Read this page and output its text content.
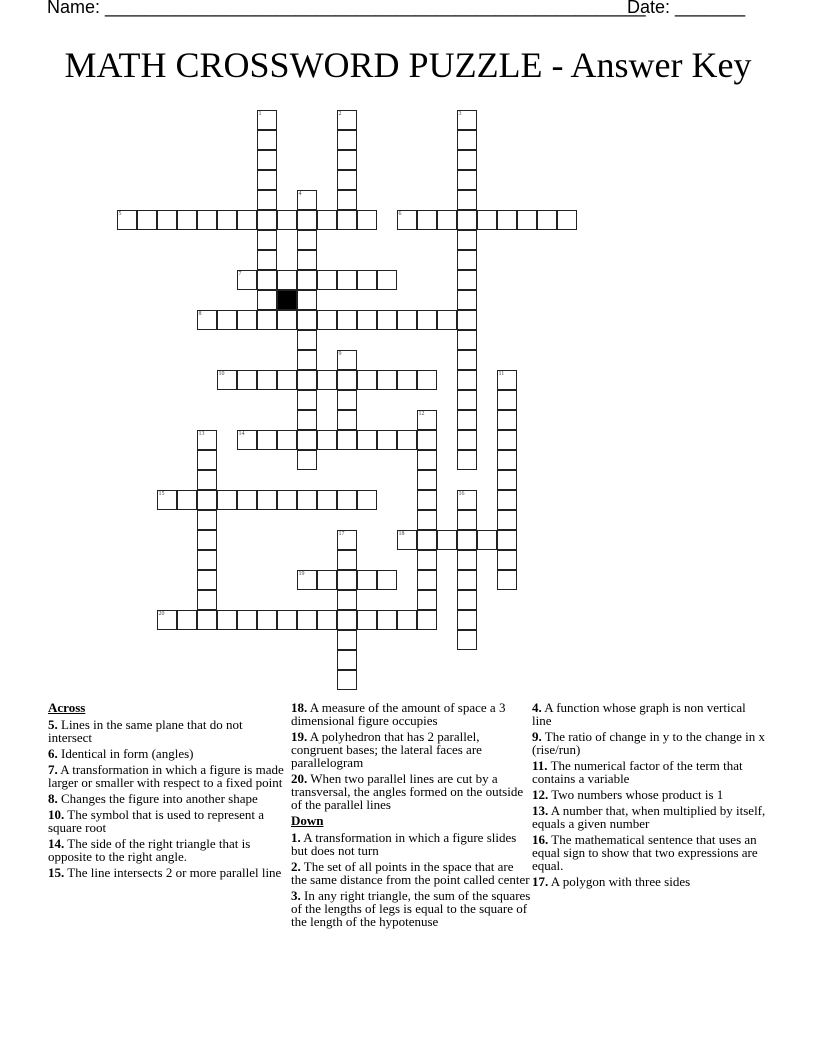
Name: ______________________________________________________
Date: _______
MATH CROSSWORD PUZZLE - Answer Key
1	2	3
4
5	6
7
8
9
10	11
12
13	14
15	16
17	18
19
20
Across
5. Lines in the same plane that do not intersect
6. Identical in form (angles)
7. A transformation in which a figure is made larger or smaller with respect to a fixed point
8. Changes the figure into another shape
10. The symbol that is used to represent a square root
14. The side of the right triangle that is opposite to the right angle.
15. The line intersects 2 or more parallel line
18. A measure of the amount of space a 3 dimensional figure occupies
19. A polyhedron that has 2 parallel, congruent bases; the lateral faces are parallelogram
20. When two parallel lines are cut by a transversal, the angles formed on the outside of the parallel lines
Down
1. A transformation in which a figure slides but does not turn
2. The set of all points in the space that are the same distance from the point called center
3. In any right triangle, the sum of the squares of the lengths of legs is equal to the square of the length of the hypotenuse
4. A function whose graph is non vertical line
9. The ratio of change in y to the change in x (rise/run)
11. The numerical factor of the term that contains a variable
12. Two numbers whose product is 1
13. A number that, when multiplied by itself, equals a given number
16. The mathematical sentence that uses an equal sign to show that two expressions are equal.
17. A polygon with three sides
